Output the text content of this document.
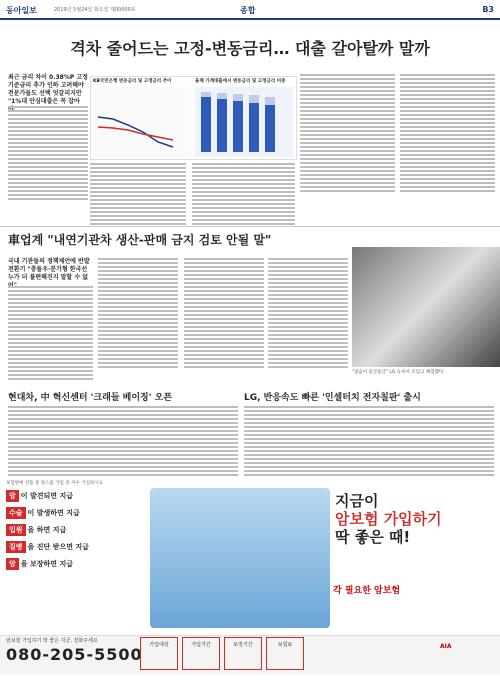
동아일보	2019년 5월24일 화요일 제00000호	종합	B3
격차 줄어드는 고정-변동금리… 대출 갈아탈까 말까
최근 금리 차이 0.38%P 고정
기준금리 추가 인하 고려해야
전문가들도 선택 엇갈리지만
"1%대 안심대출은 꼭 잡아
KB국민은행 변동금리 및 고정금리 추이	올해 가계대출에서 변동금리 및 고정금리 비중
車업계 "내연기관차 생산-판매 금지 검토 안될 말"
국내 기관들의 정책제언에 반발
전환기 "충돌우·분기형 한국선
누가 더 불편해진지 말할 수 없
"얼음이 둥글둥글" LG 뉴욕서 모임고 체험했다
현대차, 中 혁신센터 '크래들 베이징' 오픈	LG, 반응속도 빠른 '인셀터치 전자칠판' 출시
보험판매 상품 중 원스톱 가입 중 자수 가입하시요
암 이 발견되면 지급
수술 이 발생하면 지급
입원 을 하면 지급
질병 을 진단 받으면 지급
암 을 보장하면 지급
지금이
암보험 가입하기
딱 좋은 때!
각 필요한 암보험
암보험 가입하기 딱 좋은 지금, 전화주세요
080-205-5500	가입대상	가입기간	보장기간	보험료	AIA
